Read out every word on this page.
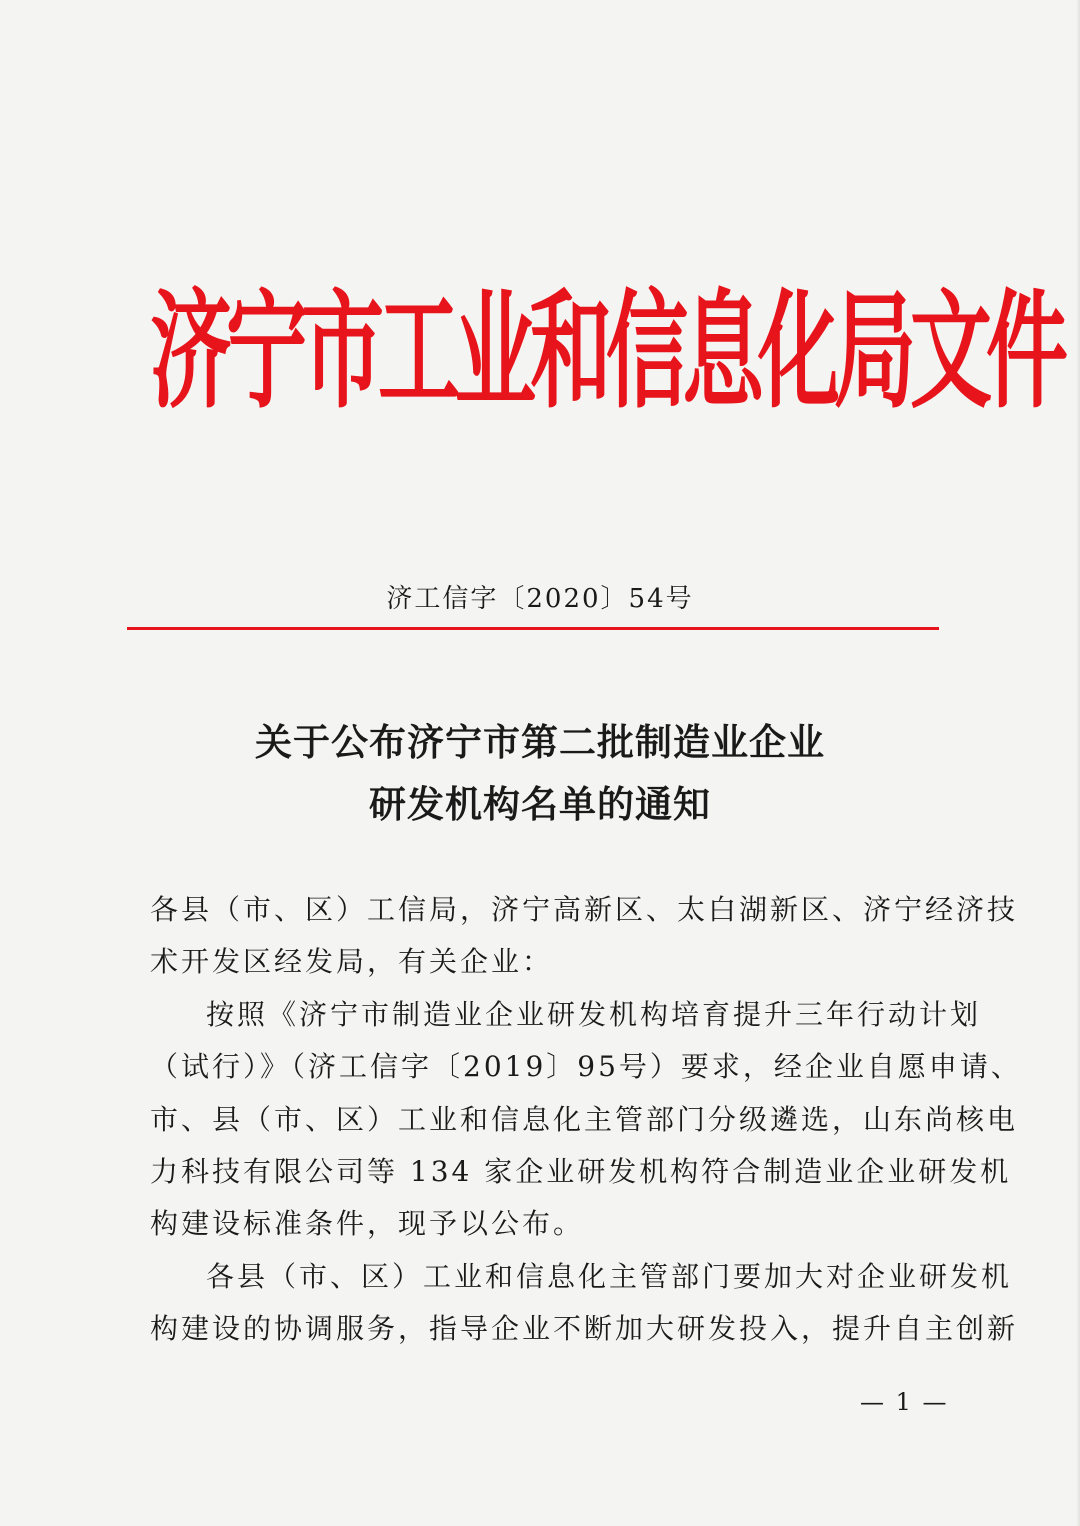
济宁市工业和信息化局文件
济工信字〔2020〕54号
关于公布济宁市第二批制造业企业
研发机构名单的通知
各县（市、区）工信局，济宁高新区、太白湖新区、济宁经济技
术开发区经发局，有关企业：
按照《济宁市制造业企业研发机构培育提升三年行动计划
（试行）》（济工信字〔2019〕95号）要求，经企业自愿申请、
市、县（市、区）工业和信息化主管部门分级遴选，山东尚核电
力科技有限公司等 134 家企业研发机构符合制造业企业研发机
构建设标准条件，现予以公布。
各县（市、区）工业和信息化主管部门要加大对企业研发机
构建设的协调服务，指导企业不断加大研发投入，提升自主创新
— 1 —
